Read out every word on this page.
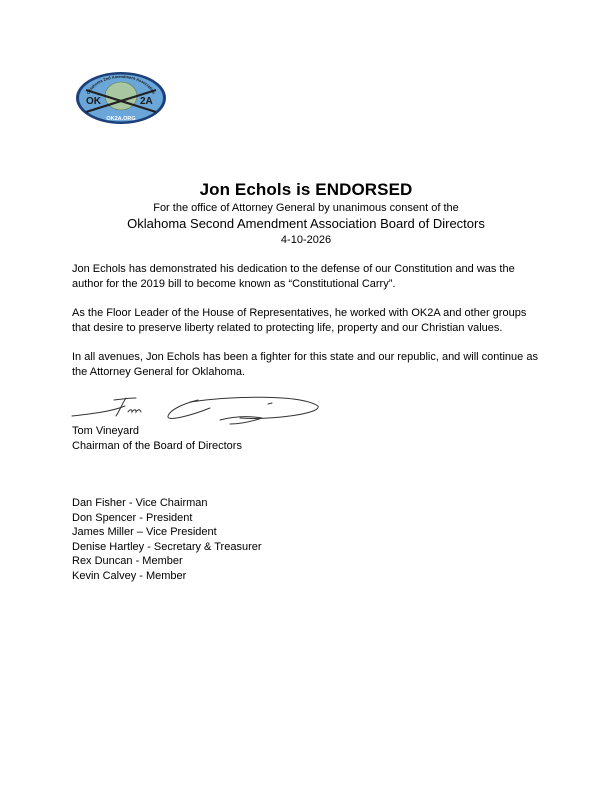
Oklahoma 2nd Amendment Association
OK	2A
OK2A.ORG
Jon Echols is ENDORSED
For the office of Attorney General by unanimous consent of the
Oklahoma Second Amendment Association Board of Directors
4-10-2026
Jon Echols has demonstrated his dedication to the defense of our Constitution and was the author for the 2019 bill to become known as “Constitutional Carry”.
As the Floor Leader of the House of Representatives, he worked with OK2A and other groups that desire to preserve liberty related to protecting life, property and our Christian values.
In all avenues, Jon Echols has been a fighter for this state and our republic, and will continue as the Attorney General for Oklahoma.
Tom Vineyard
Chairman of the Board of Directors
Dan Fisher - Vice Chairman
Don Spencer - President
James Miller – Vice President
Denise Hartley - Secretary & Treasurer
Rex Duncan - Member
Kevin Calvey - Member
